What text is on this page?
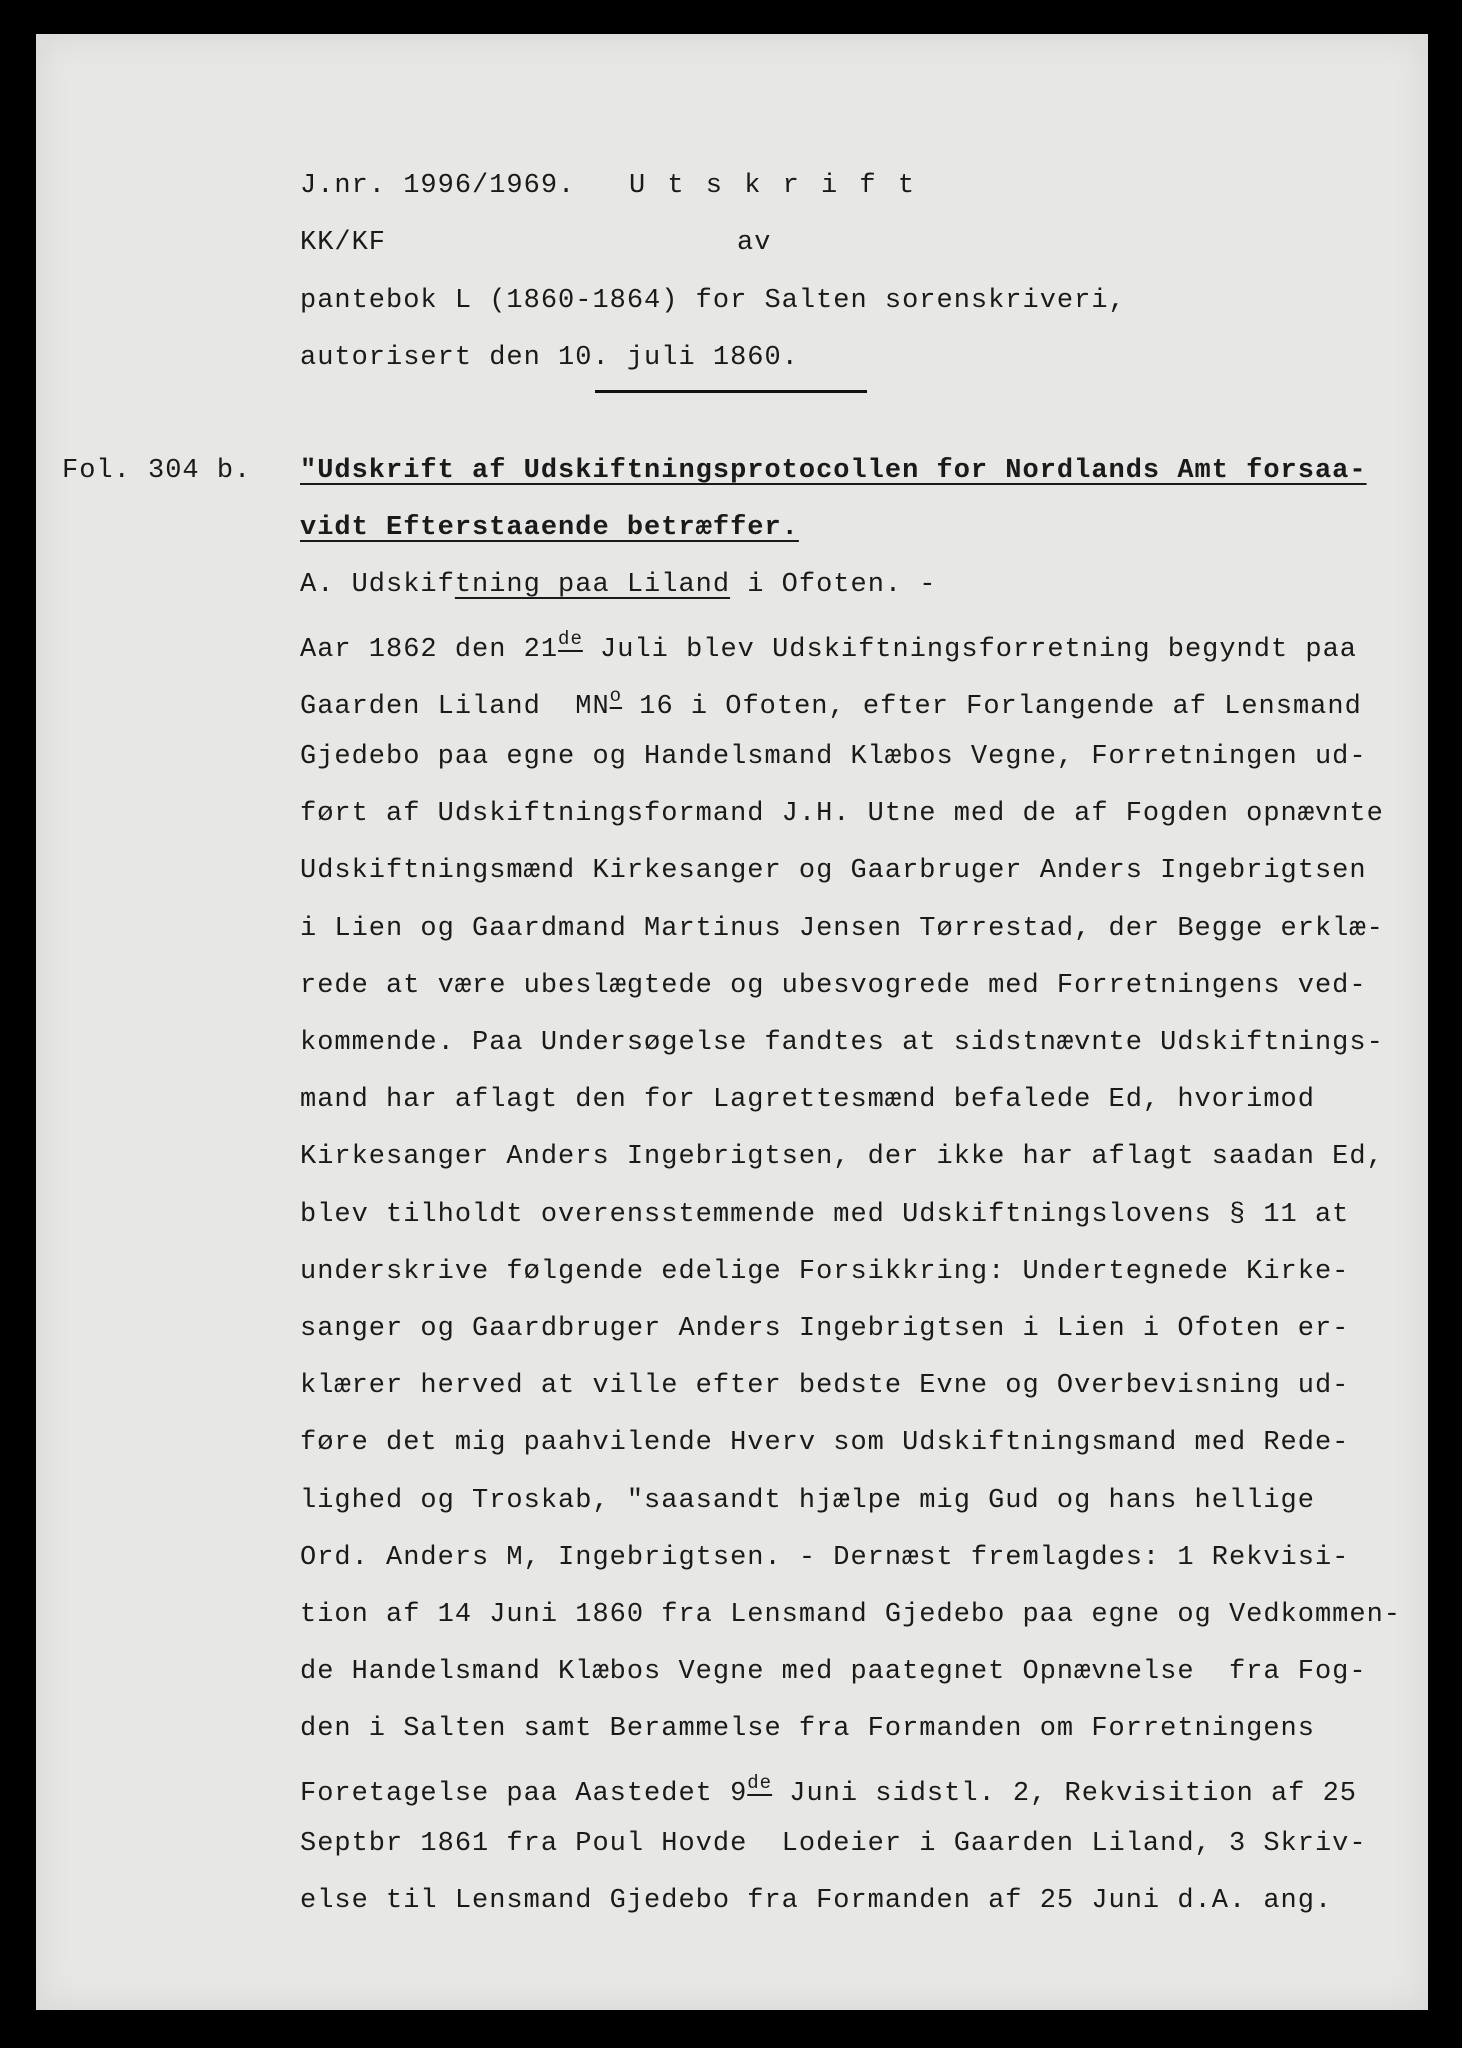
J.nr. 1996/1969. U t s k r i f t
KK/KF	av
pantebok L (1860-1864) for Salten sorenskriveri,
autorisert den 10. juli 1860.
Fol. 304 b. "Udskrift af Udskiftningsprotocollen for Nordlands Amt forsaa-
vidt Efterstaaende betræffer.
A. Udskiftning paa Liland i Ofoten. -
Aar 1862 den 21de Juli blev Udskiftningsforretning begyndt paa
Gaarden Liland  $MN^o$ 16 i Ofoten, efter Forlangende af Lensmand
Gjedebo paa egne og Handelsmand Klæbos Vegne, Forretningen ud-
ført af Udskiftningsformand J.H. Utne med de af Fogden opnævnte
Udskiftningsmænd Kirkesanger og Gaarbruger Anders Ingebrigtsen
i Lien og Gaardmand Martinus Jensen Tørrestad, der Begge erklæ-
rede at være ubeslægtede og ubesvogrede med Forretningens ved-
kommende. Paa Undersøgelse fandtes at sidstnævnte Udskiftnings-
mand har aflagt den for Lagrettesmænd befalede Ed, hvorimod
Kirkesanger Anders Ingebrigtsen, der ikke har aflagt saadan Ed,
blev tilholdt overensstemmende med Udskiftningslovens § 11 at
underskrive følgende edelige Forsikkring: Undertegnede Kirke-
sanger og Gaardbruger Anders Ingebrigtsen i Lien i Ofoten er-
klærer herved at ville efter bedste Evne og Overbevisning ud-
føre det mig paahvilende Hverv som Udskiftningsmand med Rede-
lighed og Troskab, "saasandt hjælpe mig Gud og hans hellige
Ord. Anders M, Ingebrigtsen. - Dernæst fremlagdes: 1 Rekvisi-
tion af 14 Juni 1860 fra Lensmand Gjedebo paa egne og Vedkommen-
de Handelsmand Klæbos Vegne med paategnet Opnævnelse  fra Fog-
den i Salten samt Berammelse fra Formanden om Forretningens
Foretagelse paa Aastedet 9de Juni sidstl. 2, Rekvisition af 25
Septbr 1861 fra Poul Hovde  Lodeier i Gaarden Liland, 3 Skriv-
else til Lensmand Gjedebo fra Formanden af 25 Juni d.A. ang.
